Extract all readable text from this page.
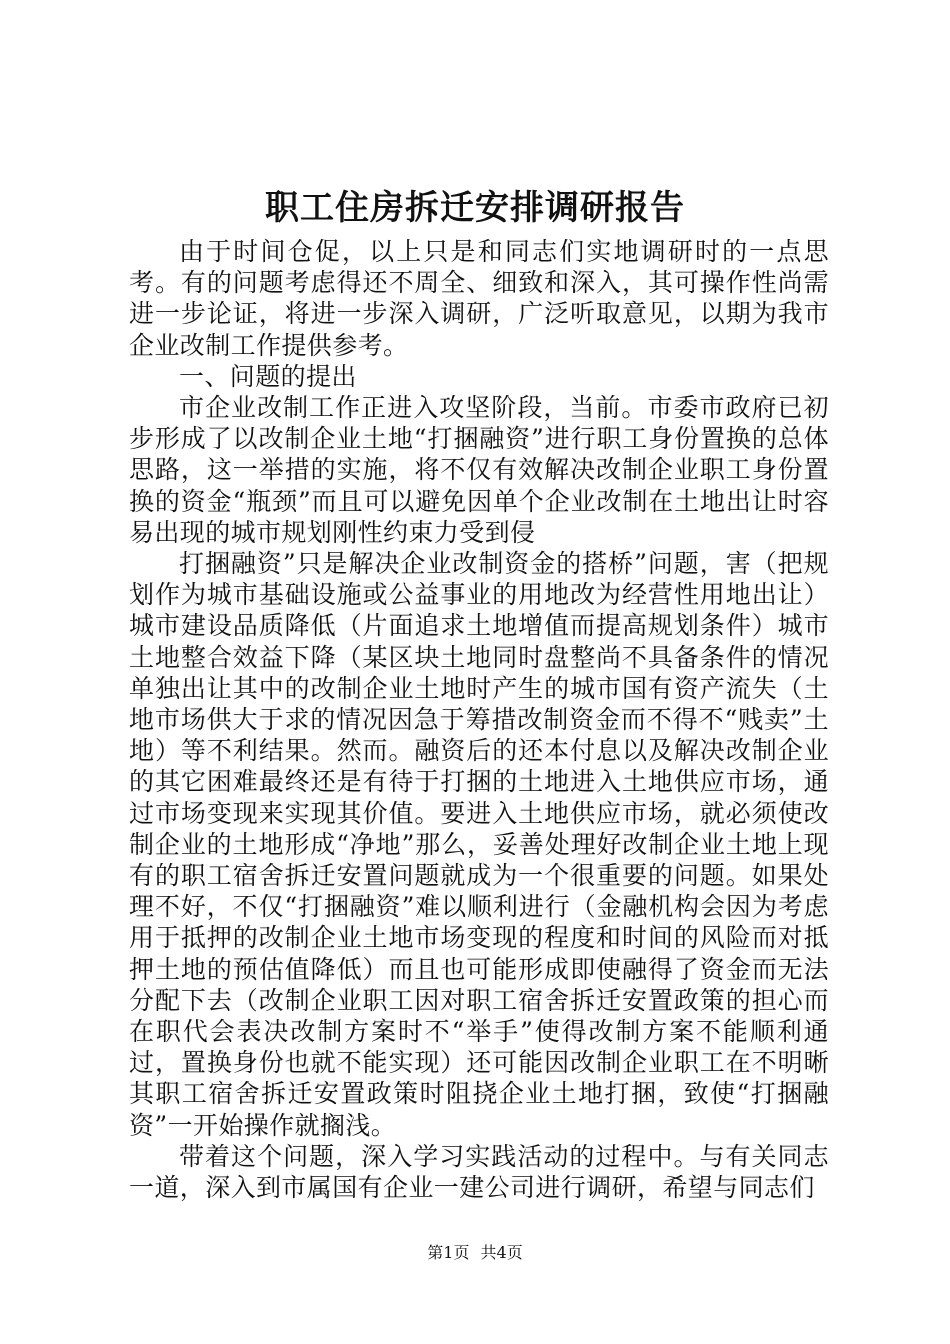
职工住房拆迁安排调研报告

由于时间仓促，以上只是和同志们实地调研时的一点思考。有的问题考虑得还不周全、细致和深入，其可操作性尚需进一步论证，将进一步深入调研，广泛听取意见，以期为我市企业改制工作提供参考。

一、问题的提出

市企业改制工作正进入攻坚阶段，当前。市委市政府已初步形成了以改制企业土地“打捆融资”进行职工身份置换的总体思路，这一举措的实施，将不仅有效解决改制企业职工身份置换的资金“瓶颈”而且可以避免因单个企业改制在土地出让时容易出现的城市规划刚性约束力受到侵

打捆融资”只是解决企业改制资金的搭桥”问题，害（把规划作为城市基础设施或公益事业的用地改为经营性用地出让）城市建设品质降低（片面追求土地增值而提高规划条件）城市土地整合效益下降（某区块土地同时盘整尚不具备条件的情况单独出让其中的改制企业土地时产生的城市国有资产流失（土地市场供大于求的情况因急于筹措改制资金而不得不“贱卖”土地）等不利结果。然而。融资后的还本付息以及解决改制企业的其它困难最终还是有待于打捆的土地进入土地供应市场，通过市场变现来实现其价值。要进入土地供应市场，就必须使改制企业的土地形成“净地”那么，妥善处理好改制企业土地上现有的职工宿舍拆迁安置问题就成为一个很重要的问题。如果处理不好，不仅“打捆融资”难以顺利进行（金融机构会因为考虑用于抵押的改制企业土地市场变现的程度和时间的风险而对抵押土地的预估值降低）而且也可能形成即使融得了资金而无法分配下去（改制企业职工因对职工宿舍拆迁安置政策的担心而在职代会表决改制方案时不“举手”使得改制方案不能顺利通过，置换身份也就不能实现）还可能因改制企业职工在不明晰其职工宿舍拆迁安置政策时阻挠企业土地打捆，致使“打捆融资”一开始操作就搁浅。

带着这个问题，深入学习实践活动的过程中。与有关同志一道，深入到市属国有企业一建公司进行调研，希望与同志们

第1页 共4页
